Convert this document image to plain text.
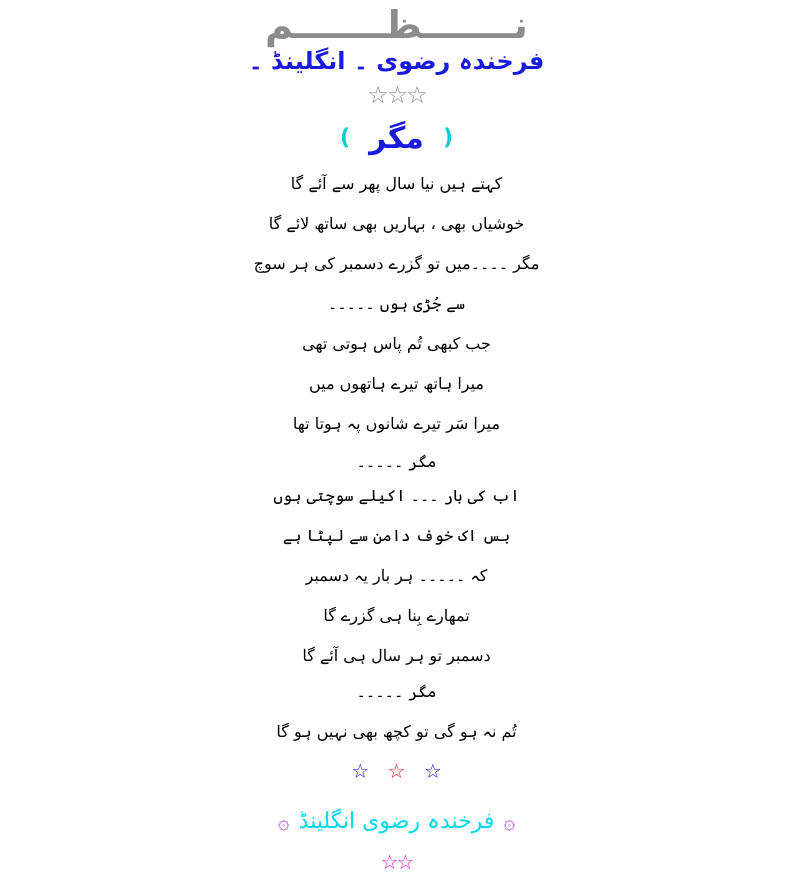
نـــــــظـــــــم
فرخندہ رضوی ۔ انگلینڈ ۔
☆☆☆
( مگر )
کہتے ہیں نیا سال پھر سے آئے گا
خوشیاں بھی ، بہاریں بھی ساتھ لائے گا
مگر ۔۔۔۔میں تو گزرے دسمبر کی ہر سوچ
سے جُڑی ہوں ۔۔۔۔۔
جب کبھی تُم پاس ہوتی تھی
میرا ہاتھ تیرے ہاتھوں میں
میرا سَر تیرے شانوں پہ ہوتا تھا
مگر ۔۔۔۔۔
اب کی بار ۔۔۔ اکیلے سوچتی ہوں
بس اک خوف دامن سے لپٹا ہے
کہ ۔۔۔۔۔ ہر بار یہ دسمبر
تمھارے بِنا ہی گزرے گا
دسمبر تو ہر سال ہی آئے گا
مگر ۔۔۔۔۔
تُم نہ ہو گی تو کچھ بھی نہیں ہو گا
☆ ☆ ☆
۞ فرخندہ رضوی انگلینڈ ۞
☆☆
